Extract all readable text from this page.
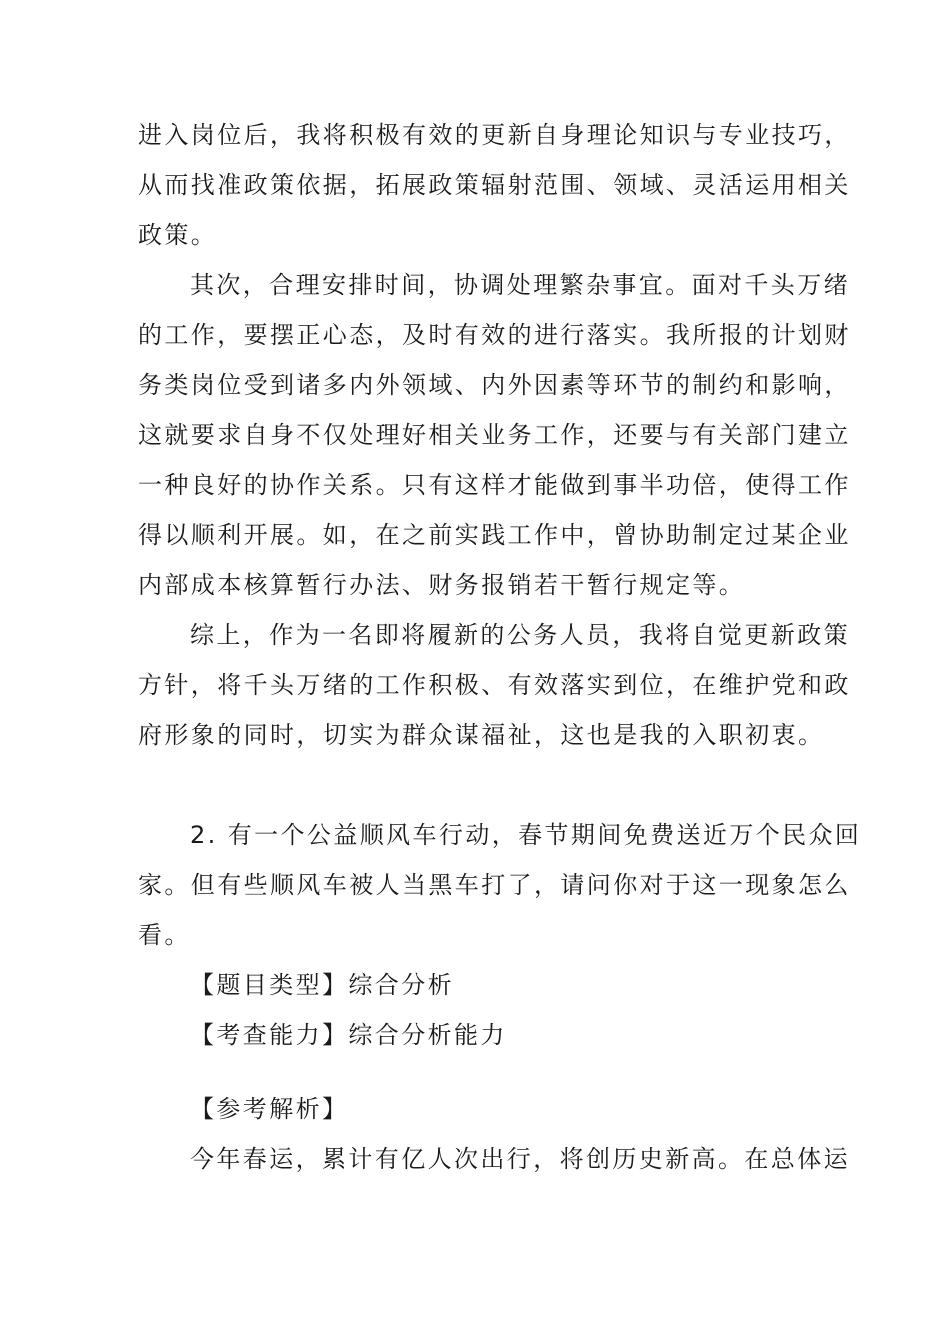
进入岗位后，我将积极有效的更新自身理论知识与专业技巧，
从而找准政策依据，拓展政策辐射范围、领域、灵活运用相关
政策。
其次，合理安排时间，协调处理繁杂事宜。面对千头万绪
的工作，要摆正心态，及时有效的进行落实。我所报的计划财
务类岗位受到诸多内外领域、内外因素等环节的制约和影响，
这就要求自身不仅处理好相关业务工作，还要与有关部门建立
一种良好的协作关系。只有这样才能做到事半功倍，使得工作
得以顺利开展。如，在之前实践工作中，曾协助制定过某企业
内部成本核算暂行办法、财务报销若干暂行规定等。
综上，作为一名即将履新的公务人员，我将自觉更新政策
方针，将千头万绪的工作积极、有效落实到位，在维护党和政
府形象的同时，切实为群众谋福祉，这也是我的入职初衷。
2. 有一个公益顺风车行动，春节期间免费送近万个民众回
家。但有些顺风车被人当黑车打了，请问你对于这一现象怎么
看。
【题目类型】综合分析
【考查能力】综合分析能力
【参考解析】
今年春运，累计有亿人次出行，将创历史新高。在总体运
